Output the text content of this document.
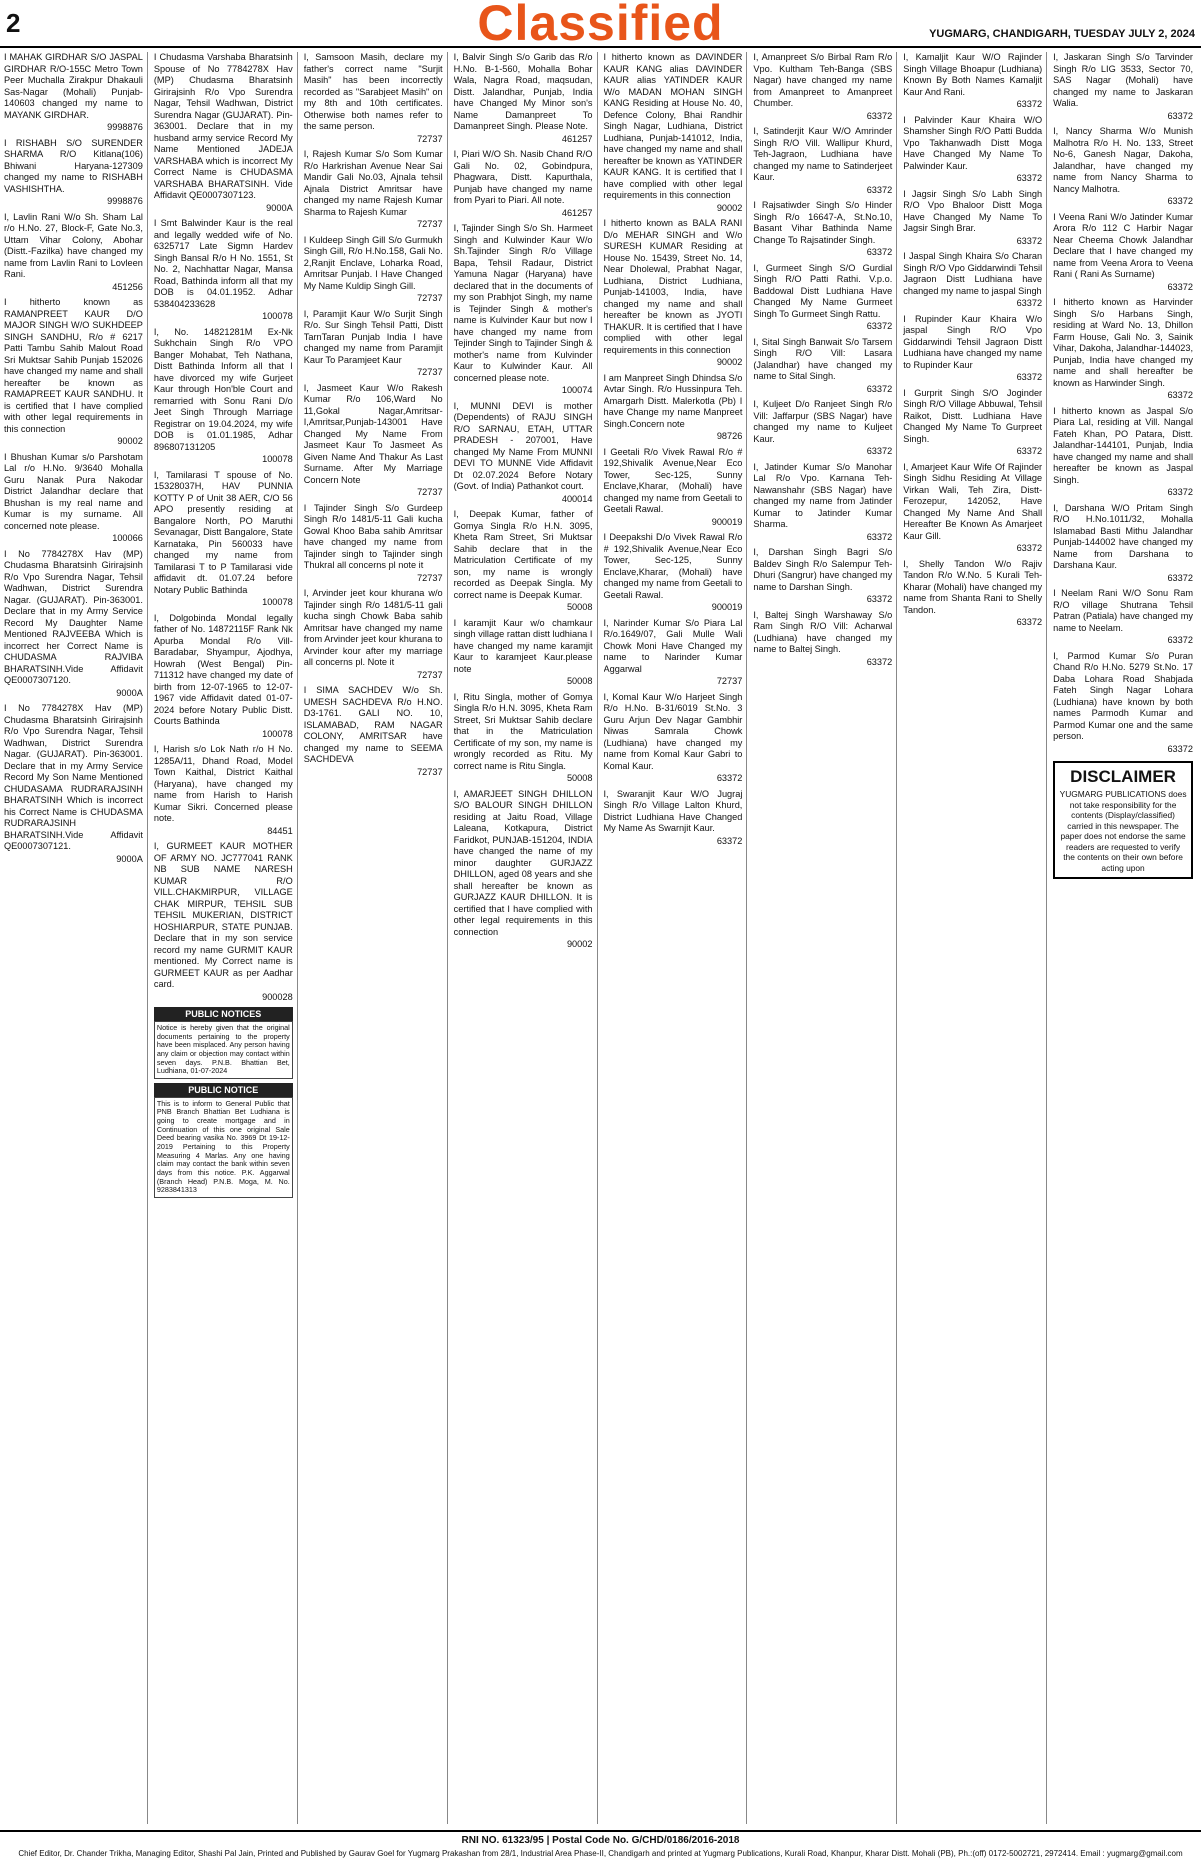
2	Classified	YUGMARG, CHANDIGARH, TUESDAY JULY 2, 2024
I MAHAK GIRDHAR S/O JASPAL GIRDHAR R/O-155C Metro Town Peer Muchalla Zirakpur Dhakauli Sas-Nagar (Mohali) Punjab-140603 changed my name to MAYANK GIRDHAR.
9998876
I RISHABH S/O SURENDER SHARMA R/O Kitlana(106) Bhiwani Haryana-127309 changed my name to RISHABH VASHISHTHA.
9998876
I, Lavlin Rani W/o Sh. Sham Lal r/o H.No. 27, Block-F, Gate No.3, Uttam Vihar Colony, Abohar (Distt.-Fazilka) have changed my name from Lavlin Rani to Lovleen Rani.
451256
I hitherto known as RAMANPREET KAUR D/O MAJOR SINGH W/O SUKHDEEP SINGH SANDHU, R/o # 6217 Patti Tambu Sahib Malout Road Sri Muktsar Sahib Punjab 152026 have changed my name and shall hereafter be known as RAMAPREET KAUR SANDHU. It is certified that I have complied with other legal requirements in this connection
90002
I Bhushan Kumar s/o Parshotam Lal r/o H.No. 9/3640 Mohalla Guru Nanak Pura Nakodar District Jalandhar declare that Bhushan is my real name and Kumar is my surname. All concerned note please.
100066
I No 7784278X Hav (MP) Chudasma Bharatsinh Girirajsinh R/o Vpo Surendra Nagar, Tehsil Wadhwan, District Surendra Nagar. (GUJARAT). Pin-363001. Declare that in my Army Service Record My Daughter Name Mentioned RAJVEEBA Which is incorrect her Correct Name is CHUDASMA RAJVIBA BHARATSINH.Vide Affidavit QE0007307120.
9000A
I No 7784278X Hav (MP) Chudasma Bharatsinh Girirajsinh R/o Vpo Surendra Nagar, Tehsil Wadhwan, District Surendra Nagar. (GUJARAT). Pin-363001. Declare that in my Army Service Record My Son Name Mentioned CHUDASAMA RUDRARAJSINH BHARATSINH Which is incorrect his Correct Name is CHUDASMA RUDRARAJSINH BHARATSINH.Vide Affidavit QE0007307121.
9000A
I Chudasma Varshaba Bharatsinh Spouse of No 7784278X Hav (MP) Chudasma Bharatsinh Girirajsinh R/o Vpo Surendra Nagar, Tehsil Wadhwan, District Surendra Nagar (GUJARAT). Pin-363001. Declare that in my husband army service Record My Name Mentioned JADEJA VARSHABA which is incorrect My Correct Name is CHUDASMA VARSHABA BHARATSINH. Vide Affidavit QE0007307123.
9000A
I Smt Balwinder Kaur is the real and legally wedded wife of No. 6325717 Late Sigmn Hardev Singh Bansal R/o H No. 1551, St No. 2, Nachhattar Nagar, Mansa Road, Bathinda inform all that my DOB is 04.01.1952. Adhar 538404233628
100078
I, No. 14821281M Ex-Nk Sukhchain Singh R/o VPO Banger Mohabat, Teh Nathana, Distt Bathinda Inform all that I have divorced my wife Gurjeet Kaur through Hon'ble Court and remarried with Sonu Rani D/o Jeet Singh Through Marriage Registrar on 19.04.2024, my wife DOB is 01.01.1985, Adhar 896807131205
100078
I, Tamilarasi T spouse of No. 15328037H, HAV PUNNIA KOTTY P of Unit 38 AER, C/O 56 APO presently residing at Bangalore North, PO Maruthi Sevanagar, Distt Bangalore, State Karnataka, Pin 560033 have changed my name from Tamilarasi T to P Tamilarasi vide affidavit dt. 01.07.24 before Notary Public Bathinda
100078
I, Dolgobinda Mondal legally father of No. 14872115F Rank Nk Apurba Mondal R/o Vill-Baradabar, Shyampur, Ajodhya, Howrah (West Bengal) Pin-711312 have changed my date of birth from 12-07-1965 to 12-07-1967 vide Affidavit dated 01-07-2024 before Notary Public Distt. Courts Bathinda
100078
I, Harish s/o Lok Nath r/o H No. 1285A/11, Dhand Road, Model Town Kaithal, District Kaithal (Haryana), have changed my name from Harish to Harish Kumar Sikri. Concerned please note.
84451
I, GURMEET KAUR MOTHER OF ARMY NO. JC777041 RANK NB SUB NAME NARESH KUMAR R/O VILL.CHAKMIRPUR, VILLAGE CHAK MIRPUR, TEHSIL SUB TEHSIL MUKERIAN, DISTRICT HOSHIARPUR, STATE PUNJAB. Declare that in my son service record my name GURMIT KAUR mentioned. My Correct name is GURMEET KAUR as per Aadhar card.
900028
PUBLIC NOTICES
Notice is hereby given that the original documents pertaining to the property have been misplaced. Any person having any claim or objection may contact within seven days. P.N.B. Bhattian Bet, Ludhiana, 01-07-2024
PUBLIC NOTICE
This is to inform to General Public that PNB Branch Bhattian Bet Ludhiana is going to create mortgage and in Continuation of this one original Sale Deed bearing vasika No. 3969 Dt 19-12-2019 Pertaining to this Property Measuring 4 Marlas. Any one having claim may contact the bank within seven days from this notice. P.K. Aggarwal (Branch Head) P.N.B. Moga, M. No. 9283841313
I, Samsoon Masih, declare my father's correct name "Surjit Masih" has been incorrectly recorded as "Sarabjeet Masih" on my 8th and 10th certificates. Otherwise both names refer to the same person.
72737
I, Rajesh Kumar S/o Som Kumar R/o Harkrishan Avenue Near Sai Mandir Gali No.03, Ajnala tehsil Ajnala District Amritsar have changed my name Rajesh Kumar Sharma to Rajesh Kumar
72737
I Kuldeep Singh Gill S/o Gurmukh Singh Gill, R/o H.No.158, Gali No. 2,Ranjit Enclave, Loharka Road, Amritsar Punjab. I Have Changed My Name Kuldip Singh Gill.
72737
I, Paramjit Kaur W/o Surjit Singh R/o. Sur Singh Tehsil Patti, Distt TarnTaran Punjab India I have changed my name from Paramjit Kaur To Paramjeet Kaur
72737
I, Jasmeet Kaur W/o Rakesh Kumar R/o 106,Ward No 11,Gokal Nagar,Amritsar-I,Amritsar,Punjab-143001 Have Changed My Name From Jasmeet Kaur To Jasmeet As Given Name And Thakur As Last Surname. After My Marriage Concern Note
72737
I Tajinder Singh S/o Gurdeep Singh R/o 1481/5-11 Gali kucha Gowal Khoo Baba sahib Amritsar have changed my name from Tajinder singh to Tajinder singh Thukral all concerns pl note it
72737
I, Arvinder jeet kour khurana w/o Tajinder singh R/o 1481/5-11 gali kucha singh Chowk Baba sahib Amritsar have changed my name from Arvinder jeet kour khurana to Arvinder kour after my marriage all concerns pl. Note it
72737
I SIMA SACHDEV W/o Sh. UMESH SACHDEVA R/o H.NO. D3-1761. GALI NO. 10, ISLAMABAD, RAM NAGAR COLONY, AMRITSAR have changed my name to SEEMA SACHDEVA
72737
I, Balvir Singh S/o Garib das R/o H.No. B-1-560, Mohalla Bohar Wala, Nagra Road, maqsudan, Distt. Jalandhar, Punjab, India have Changed My Minor son's Name Damanpreet To Damanpreet Singh. Please Note.
461257
I, Piari W/O Sh. Nasib Chand R/O Gali No. 02, Gobindpura, Phagwara, Distt. Kapurthala, Punjab have changed my name from Pyari to Piari. All note.
461257
I, Tajinder Singh S/o Sh. Harmeet Singh and Kulwinder Kaur W/o Sh.Tajinder Singh R/o Village Bapa, Tehsil Radaur, District Yamuna Nagar (Haryana) have declared that in the documents of my son Prabhjot Singh, my name is Tejinder Singh & mother's name is Kulvinder Kaur but now I have changed my name from Tejinder Singh to Tajinder Singh & mother's name from Kulvinder Kaur to Kulwinder Kaur. All concerned please note.
100074
I, MUNNI DEVI is mother (Dependents) of RAJU SINGH R/O SARNAU, ETAH, UTTAR PRADESH - 207001, Have changed My Name From MUNNI DEVI TO MUNNE Vide Affidavit Dt 02.07.2024 Before Notary (Govt. of India) Pathankot court.
400014
I, Deepak Kumar, father of Gomya Singla R/o H.N. 3095, Kheta Ram Street, Sri Muktsar Sahib declare that in the Matriculation Certificate of my son, my name is wrongly recorded as Deepak Singla. My correct name is Deepak Kumar.
50008
I karamjit Kaur w/o chamkaur singh village rattan distt ludhiana I have changed my name karamjit Kaur to karamjeet Kaur.please note
50008
I, Ritu Singla, mother of Gomya Singla R/o H.N. 3095, Kheta Ram Street, Sri Muktsar Sahib declare that in the Matriculation Certificate of my son, my name is wrongly recorded as Ritu. My correct name is Ritu Singla.
50008
I, AMARJEET SINGH DHILLON S/O BALOUR SINGH DHILLON residing at Jaitu Road, Village Laleana, Kotkapura, District Faridkot, PUNJAB-151204, INDIA have changed the name of my minor daughter GURJAZZ DHILLON, aged 08 years and she shall hereafter be known as GURJAZZ KAUR DHILLON. It is certified that I have complied with other legal requirements in this connection
90002
I hitherto known as DAVINDER KAUR KANG alias DAVINDER KAUR alias YATINDER KAUR W/o MADAN MOHAN SINGH KANG Residing at House No. 40, Defence Colony, Bhai Randhir Singh Nagar, Ludhiana, District Ludhiana, Punjab-141012, India, have changed my name and shall hereafter be known as YATINDER KAUR KANG. It is certified that I have complied with other legal requirements in this connection
90002
I hitherto known as BALA RANI D/o MEHAR SINGH and W/o SURESH KUMAR Residing at House No. 15439, Street No. 14, Near Dholewal, Prabhat Nagar, Ludhiana, District Ludhiana, Punjab-141003, India, have changed my name and shall hereafter be known as JYOTI THAKUR. It is certified that I have complied with other legal requirements in this connection
90002
I am Manpreet Singh Dhindsa S/o Avtar Singh. R/o Hussinpura Teh. Amargarh Distt. Malerkotla (Pb) I have Change my name Manpreet Singh.Concern note
98726
I Geetali R/o Vivek Rawal R/o # 192,Shivalik Avenue,Near Eco Tower, Sec-125, Sunny Enclave,Kharar, (Mohali) have changed my name from Geetali to Geetali Rawal.
900019
I Deepakshi D/o Vivek Rawal R/o # 192,Shivalik Avenue,Near Eco Tower, Sec-125, Sunny Enclave,Kharar, (Mohali) have changed my name from Geetali to Geetali Rawal.
900019
I, Narinder Kumar S/o Piara Lal R/o.1649/07, Gali Mulle Wali Chowk Moni Have Changed my name to Narinder Kumar Aggarwal
72737
I, Komal Kaur W/o Harjeet Singh R/o H.No. B-31/6019 St.No. 3 Guru Arjun Dev Nagar Gambhir Niwas Samrala Chowk (Ludhiana) have changed my name from Komal Kaur Gabri to Komal Kaur.
63372
I, Swaranjit Kaur W/O Jugraj Singh R/o Village Lalton Khurd, District Ludhiana Have Changed My Name As Swarnjit Kaur.
63372
I, Amanpreet S/o Birbal Ram R/o Vpo. Kultham Teh-Banga (SBS Nagar) have changed my name from Amanpreet to Amanpreet Chumber.
63372
I, Satinderjit Kaur W/O Amrinder Singh R/O Vill. Wallipur Khurd, Teh-Jagraon, Ludhiana have changed my name to Satinderjeet Kaur.
63372
I Rajsatiwder Singh S/o Hinder Singh R/o 16647-A, St.No.10, Basant Vihar Bathinda Name Change To Rajsatinder Singh.
63372
I, Gurmeet Singh S/O Gurdial Singh R/O Patti Rathi. V.p.o. Baddowal Distt Ludhiana Have Changed My Name Gurmeet Singh To Gurmeet Singh Rattu.
63372
I, Sital Singh Banwait S/o Tarsem Singh R/O Vill: Lasara (Jalandhar) have changed my name to Sital Singh.
63372
I, Kuljeet D/o Ranjeet Singh R/o Vill: Jaffarpur (SBS Nagar) have changed my name to Kuljeet Kaur.
63372
I, Jatinder Kumar S/o Manohar Lal R/o Vpo. Karnana Teh-Nawanshahr (SBS Nagar) have changed my name from Jatinder Kumar to Jatinder Kumar Sharma.
63372
I, Darshan Singh Bagri S/o Baldev Singh R/o Salempur Teh-Dhuri (Sangrur) have changed my name to Darshan Singh.
63372
I, Baltej Singh Warshaway S/o Ram Singh R/O Vill: Acharwal (Ludhiana) have changed my name to Baltej Singh.
63372
I, Kamaljit Kaur W/O Rajinder Singh Village Bhoapur (Ludhiana) Known By Both Names Kamaljit Kaur And Rani.
63372
I Palvinder Kaur Khaira W/O Shamsher Singh R/O Patti Budda Vpo Takhanwadh Distt Moga Have Changed My Name To Palwinder Kaur.
63372
I Jagsir Singh S/o Labh Singh R/O Vpo Bhaloor Distt Moga Have Changed My Name To Jagsir Singh Brar.
63372
I Jaspal Singh Khaira S/o Charan Singh R/O Vpo Giddarwindi Tehsil Jagraon Distt Ludhiana have changed my name to jaspal Singh
63372
I Rupinder Kaur Khaira W/o jaspal Singh R/O Vpo Giddarwindi Tehsil Jagraon Distt Ludhiana have changed my name to Rupinder Kaur
63372
I Gurprit Singh S/O Joginder Singh R/O Village Abbuwal, Tehsil Raikot, Distt. Ludhiana Have Changed My Name To Gurpreet Singh.
63372
I, Amarjeet Kaur Wife Of Rajinder Singh Sidhu Residing At Village Virkan Wali, Teh Zira, Distt- Ferozepur, 142052, Have Changed My Name And Shall Hereafter Be Known As Amarjeet Kaur Gill.
63372
I, Shelly Tandon W/o Rajiv Tandon R/o W.No. 5 Kurali Teh-Kharar (Mohali) have changed my name from Shanta Rani to Shelly Tandon.
63372
I, Jaskaran Singh S/o Tarvinder Singh R/o LIG 3533, Sector 70, SAS Nagar (Mohali) have changed my name to Jaskaran Walia.
63372
I, Nancy Sharma W/o Munish Malhotra R/o H. No. 133, Street No-6, Ganesh Nagar, Dakoha, Jalandhar, have changed my name from Nancy Sharma to Nancy Malhotra.
63372
I Veena Rani W/o Jatinder Kumar Arora R/o 112 C Harbir Nagar Near Cheema Chowk Jalandhar Declare that I have changed my name from Veena Arora to Veena Rani ( Rani As Surname)
63372
I hitherto known as Harvinder Singh S/o Harbans Singh, residing at Ward No. 13, Dhillon Farm House, Gali No. 3, Sainik Vihar, Dakoha, Jalandhar-144023, Punjab, India have changed my name and shall hereafter be known as Harwinder Singh.
63372
I hitherto known as Jaspal S/o Piara Lal, residing at Vill. Nangal Fateh Khan, PO Patara, Distt. Jalandhar-144101, Punjab, India have changed my name and shall hereafter be known as Jaspal Singh.
63372
I, Darshana W/O Pritam Singh R/O H.No.1011/32, Mohalla Islamabad Basti Mithu Jalandhar Punjab-144002 have changed my Name from Darshana to Darshana Kaur.
63372
I Neelam Rani W/O Sonu Ram R/O village Shutrana Tehsil Patran (Patiala) have changed my name to Neelam.
63372
I, Parmod Kumar S/o Puran Chand R/o H.No. 5279 St.No. 17 Daba Lohara Road Shabjada Fateh Singh Nagar Lohara (Ludhiana) have known by both names Parmodh Kumar and Parmod Kumar one and the same person.
63372
DISCLAIMER

YUGMARG PUBLICATIONS does not take responsibility for the contents (Display/classified) carried in this newspaper. The paper does not endorse the same readers are requested to verify the contents on their own before acting upon

RNI NO. 61323/95 | Postal Code No. G/CHD/0186/2016-2018
Chief Editor, Dr. Chander Trikha, Managing Editor, Shashi Pal Jain, Printed and Published by Gaurav Goel for Yugmarg Prakashan from 28/1, Industrial Area Phase-II, Chandigarh and printed at Yugmarg Publications, Kurali Road, Khanpur, Kharar Distt. Mohali (PB), Ph.:(off) 0172-5002721, 2972414. Email : yugmarg@gmail.com
